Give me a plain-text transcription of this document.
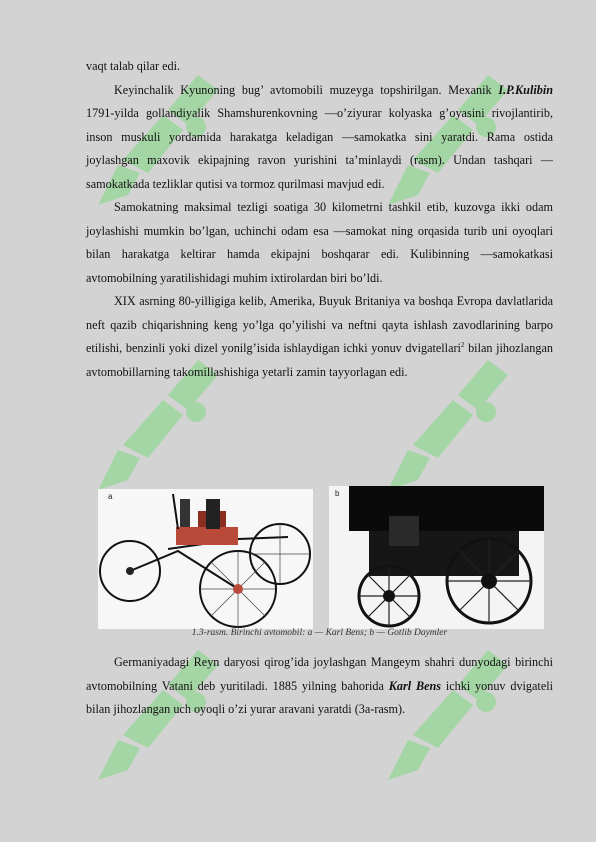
vaqt talab qilar edi.

Keyinchalik Kyunoning bug’ avtomobili muzeyga topshirilgan. Mexanik I.P.Kulibin 1791-yilda gollandiyalik Shamshurenkovning —o’ziyurar kolyaska g’oyasini rivojlantirib, inson muskuli yordamida harakatga keladigan —samokatka sini yaratdi. Rama ostida joylashgan maxovik ekipajning ravon yurishini ta’minlaydi (rasm). Undan tashqari —samokatkada tezliklar qutisi va tormoz qurilmasi mavjud edi.

Samokatning maksimal tezligi soatiga 30 kilometrni tashkil etib, kuzovga ikki odam joylashishi mumkin bo’lgan, uchinchi odam esa —samokat ning orqasida turib uni oyoqlari bilan harakatga keltirar hamda ekipajni boshqarar edi. Kulibinning —samokatkasi avtomobilning yaratilishidagi muhim ixtirolardan biri bo’ldi.

XIX asrning 80-yilligiga kelib, Amerika, Buyuk Britaniya va boshqa Evropa davlatlarida neft qazib chiqarishning keng yo’lga qo’yilishi va neftni qayta ishlash zavodlarining barpo etilishi, benzinli yoki dizel yonilg’isida ishlaydigan ichki yonuv dvigatellari$^2$ bilan jihozlangan avtomobillarning takomillashishiga yetarli zamin tayyorlagan edi.

a	b
1.3-rasm. Birinchi avtomobil: a — Karl Bens; b — Gotlib Daymler

Germaniyadagi Reyn daryosi qirog’ida joylashgan Mangeym shahri dunyodagi birinchi avtomobilning Vatani deb yuritiladi. 1885 yilning bahorida Karl Bens ichki yonuv dvigateli bilan jihozlangan uch oyoqli o’zi yurar aravani yaratdi (3a-rasm).
